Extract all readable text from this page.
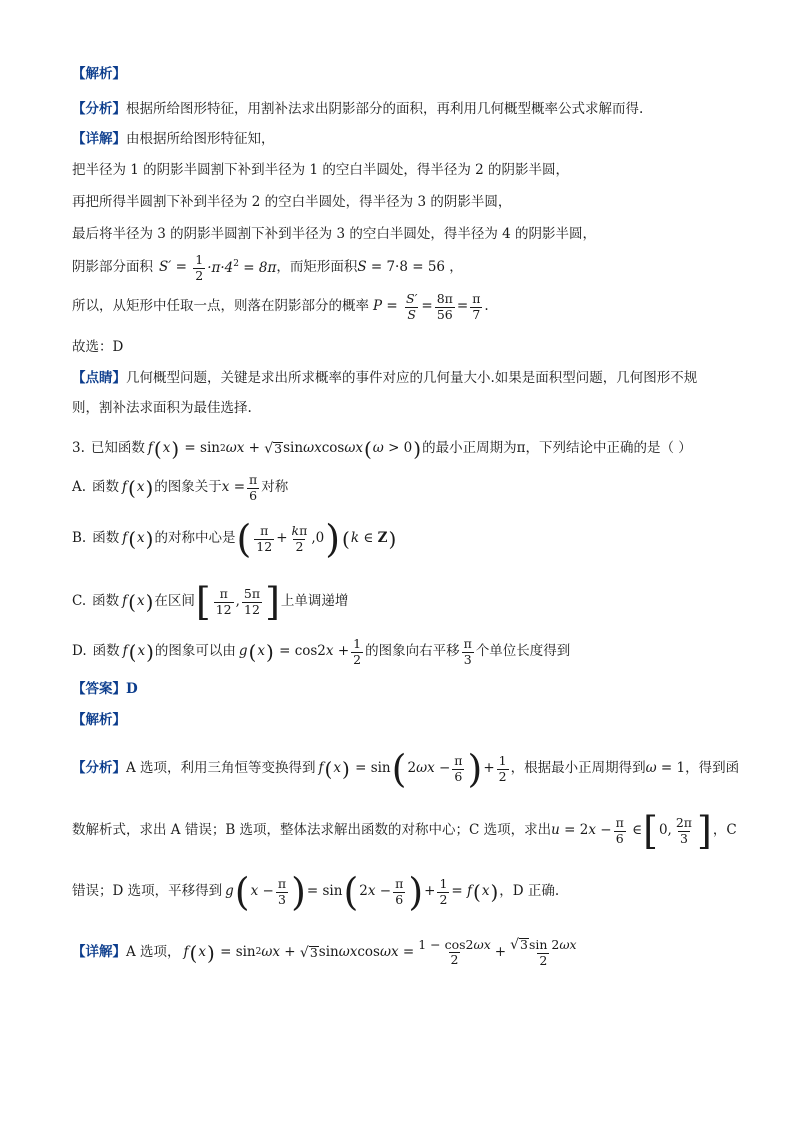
【解析】
【分析】 根据所给图形特征，用割补法求出阴影部分的面积，再利用几何概型概率公式求解而得.
【详解】 由根据所给图形特征知，
把半径为 1 的阴影半圆割下补到半径为 1 的空白半圆处，得半径为 2 的阴影半圆，
再把所得半圆割下补到半径为 2 的空白半圆处，得半径为 3 的阴影半圆，
最后将半径为 3 的阴影半圆割下补到半径为 3 的空白半圆处，得半径为 4 的阴影半圆，
阴影部分面积 $S' = \frac{1}{2} \cdot\pi\cdot 4^2 = 8\pi$ ，而矩形面积 S = 7·8 = 56 ，
所以，从矩形中任取一点，则落在阴影部分的概率 $P = \frac{S'}{S} = \frac{8\pi}{56} = \frac{\pi}{7}$ .
故选：D
【点睛】 几何概型问题，关键是求出所求概率的事件对应的几何量大小.如果是面积型问题，几何图形不规
则，割补法求面积为最佳选择.
3. 已知函数 f ( x ) = sin 2 ωx + √ 3 sin ωx cos ωx ( ω > 0 ) 的最小正周期为 π ，下列结论中正确的是（ ）
A. 函数 f ( x ) 的图象关于 $x = \frac{\pi}{6}$ 对称
B. 函数 f ( x ) 的对称中心是 ( $\frac{\pi}{12} + \frac{k\pi}{2} ,0$ ) ( k ∈ Z )
C. 函数 f ( x ) 在区间 [ $\frac{\pi}{12}$ , $\frac{5\pi}{12}$ ] 上单调递增
D. 函数 f ( x ) 的图象可以由 g ( x ) = cos2 $x + \frac{1}{2}$ 的图象向右平移 $\frac{\pi}{3}$ 个单位长度得到
【答案】D
【解析】
【分析】 A 选项，利用三角恒等变换得到 f ( x ) = sin ( 2 $\omega x - \frac{\pi}{6}$ ) + $\frac{1}{2}$ ，根据最小正周期得到 ω = 1 ，得到函
数解析式，求出 A 错误；B 选项，整体法求解出函数的对称中心；C 选项，求出 u = 2 $x - \frac{\pi}{6}$ ∈ [ 0, $\frac{2\pi}{3}$ ] ，C
错误；D 选项，平移得到 g ( $x - \frac{\pi}{3}$ ) = sin ( 2 $x - \frac{\pi}{6}$ ) + $\frac{1}{2} = f$ ( x ) ，D 正确.
【详解】 A 选项， f ( x ) = sin 2 ωx + √ 3 sin ωx $\cos \omega x = \frac{1 - \cos 2\omega x}{2} + \frac{√ 3 \sin 2\omega x}{2}$
